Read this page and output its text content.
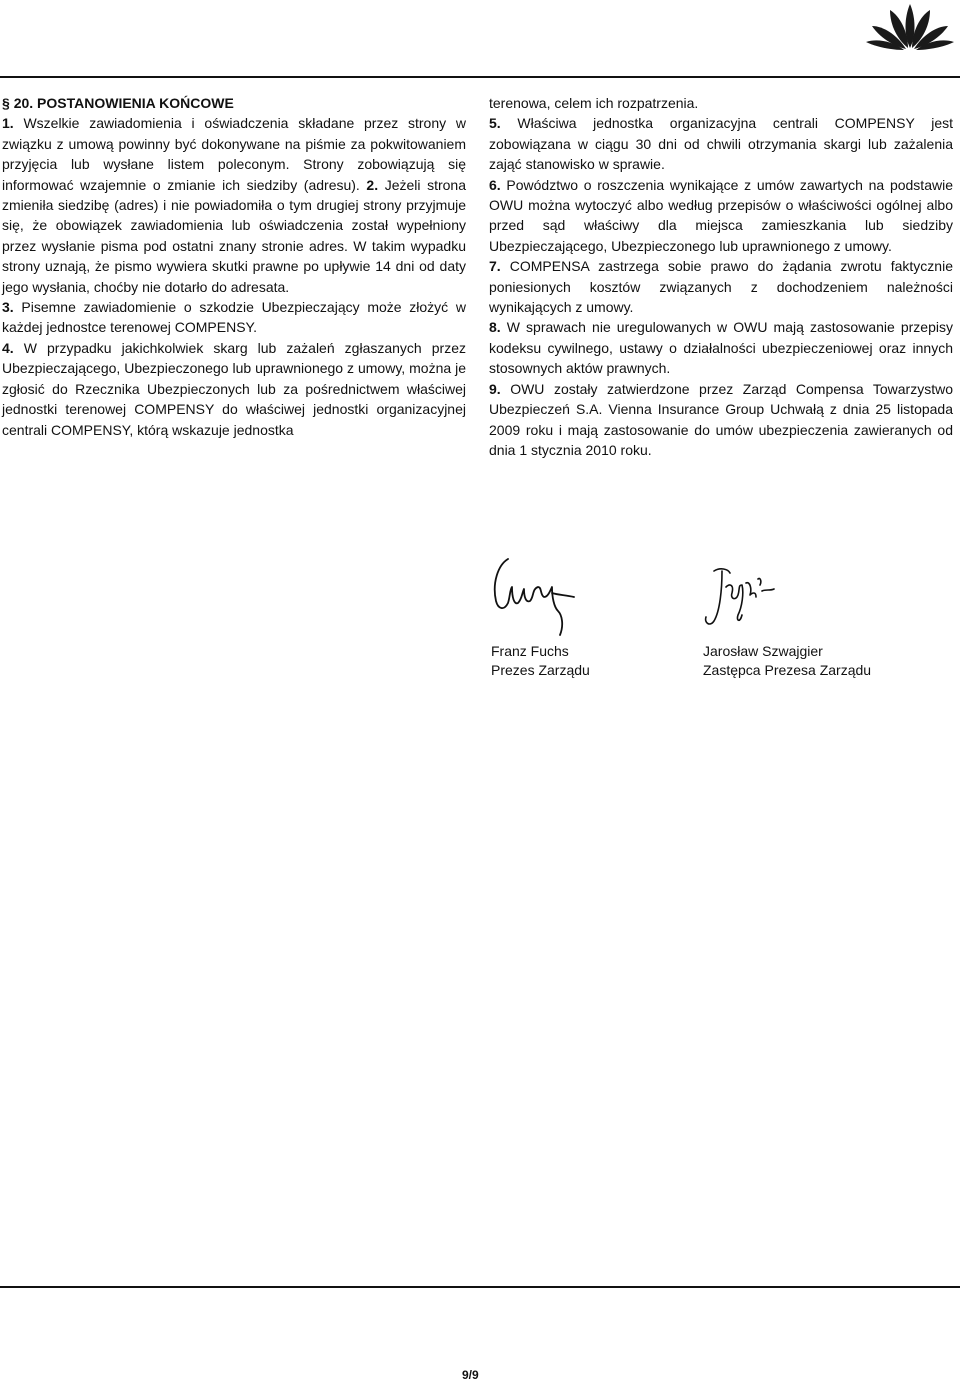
§ 20. POSTANOWIENIA KOŃCOWE

1. Wszelkie zawiadomienia i oświadczenia składane przez strony w związku z umową powinny być dokonywane na piśmie za pokwitowaniem przyjęcia lub wysłane listem poleconym. Strony zobowiązują się informować wzajemnie o zmianie ich siedziby (adresu). 2. Jeżeli strona zmieniła siedzibę (adres) i nie powiadomiła o tym drugiej strony przyjmuje się, że obowiązek zawiadomienia lub oświadczenia został wypełniony przez wysłanie pisma pod ostatni znany stronie adres. W takim wypadku strony uznają, że pismo wywiera skutki prawne po upływie 14 dni od daty jego wysłania, choćby nie dotarło do adresata.

3. Pisemne zawiadomienie o szkodzie Ubezpieczający może złożyć w każdej jednostce terenowej COMPENSY.

4. W przypadku jakichkolwiek skarg lub zażaleń zgłaszanych przez Ubezpieczającego, Ubezpieczonego lub uprawnionego z umowy, można je zgłosić do Rzecznika Ubezpieczonych lub za pośrednictwem właściwej jednostki terenowej COMPENSY do właściwej jednostki organizacyjnej centrali COMPENSY, którą wskazuje jednostka

terenowa, celem ich rozpatrzenia.

5. Właściwa jednostka organizacyjna centrali COMPENSY jest zobowiązana w ciągu 30 dni od chwili otrzymania skargi lub zażalenia zająć stanowisko w sprawie.

6. Powództwo o roszczenia wynikające z umów zawartych na podstawie OWU można wytoczyć albo według przepisów o właściwości ogólnej albo przed sąd właściwy dla miejsca zamieszkania lub siedziby Ubezpieczającego, Ubezpieczonego lub uprawnionego z umowy.

7. COMPENSA zastrzega sobie prawo do żądania zwrotu faktycznie poniesionych kosztów związanych z dochodzeniem należności wynikających z umowy.

8. W sprawach nie uregulowanych w OWU mają zastosowanie przepisy kodeksu cywilnego, ustawy o działalności ubezpieczeniowej oraz innych stosownych aktów prawnych.

9. OWU zostały zatwierdzone przez Zarząd Compensa Towarzystwo Ubezpieczeń S.A. Vienna Insurance Group Uchwałą z dnia 25 listopada 2009 roku i mają zastosowanie do umów ubezpieczenia zawieranych od dnia 1 stycznia 2010 roku.

Franz Fuchs
Prezes Zarządu
Jarosław Szwajgier
Zastępca Prezesa Zarządu
9/9
